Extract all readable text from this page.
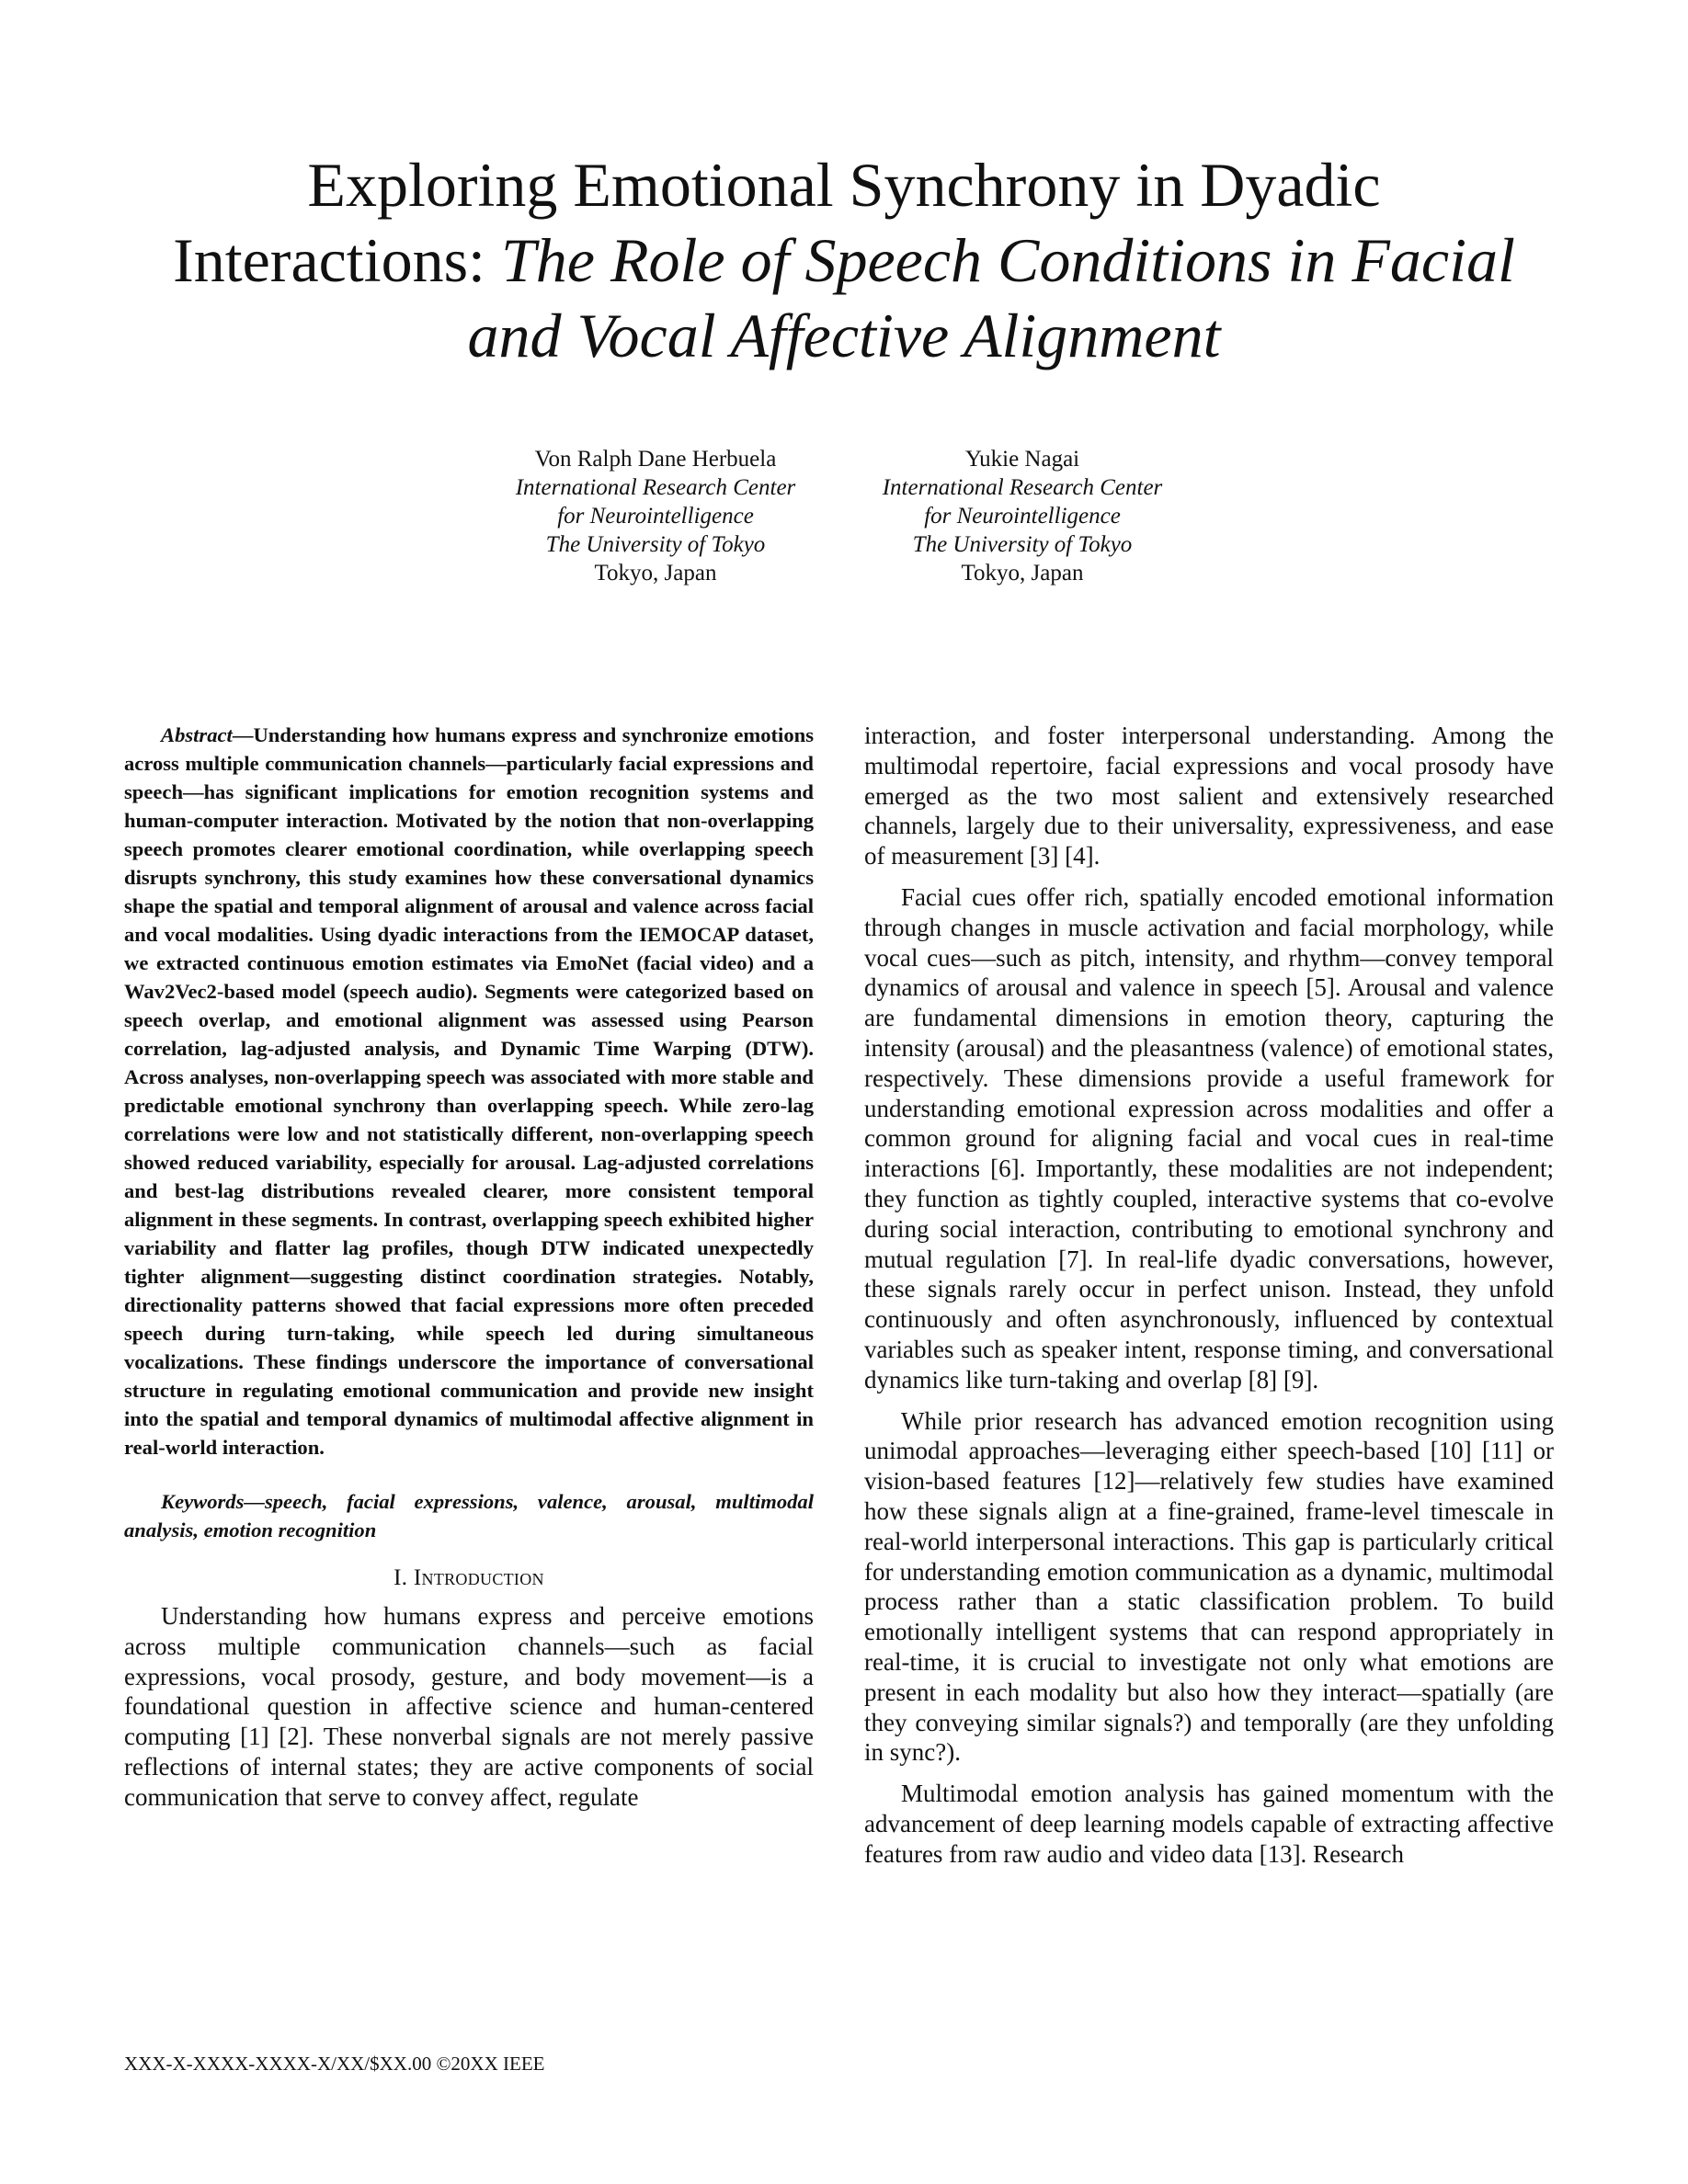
Exploring Emotional Synchrony in Dyadic
Interactions: The Role of Speech Conditions in Facial
and Vocal Affective Alignment
Von Ralph Dane Herbuela
International Research Center
for Neurointelligence
The University of Tokyo
Tokyo, Japan
Yukie Nagai
International Research Center
for Neurointelligence
The University of Tokyo
Tokyo, Japan

Abstract—Understanding how humans express and synchronize emotions across multiple communication channels—particularly facial expressions and speech—has significant implications for emotion recognition systems and human-computer interaction. Motivated by the notion that non-overlapping speech promotes clearer emotional coordination, while overlapping speech disrupts synchrony, this study examines how these conversational dynamics shape the spatial and temporal alignment of arousal and valence across facial and vocal modalities. Using dyadic interactions from the IEMOCAP dataset, we extracted continuous emotion estimates via EmoNet (facial video) and a Wav2Vec2-based model (speech audio). Segments were categorized based on speech overlap, and emotional alignment was assessed using Pearson correlation, lag-adjusted analysis, and Dynamic Time Warping (DTW). Across analyses, non-overlapping speech was associated with more stable and predictable emotional synchrony than overlapping speech. While zero-lag correlations were low and not statistically different, non-overlapping speech showed reduced variability, especially for arousal. Lag-adjusted correlations and best-lag distributions revealed clearer, more consistent temporal alignment in these segments. In contrast, overlapping speech exhibited higher variability and flatter lag profiles, though DTW indicated unexpectedly tighter alignment—suggesting distinct coordination strategies. Notably, directionality patterns showed that facial expressions more often preceded speech during turn-taking, while speech led during simultaneous vocalizations. These findings underscore the importance of conversational structure in regulating emotional communication and provide new insight into the spatial and temporal dynamics of multimodal affective alignment in real-world interaction.

Keywords—speech, facial expressions, valence, arousal, multimodal analysis, emotion recognition

I. Introduction

Understanding how humans express and perceive emotions across multiple communication channels—such as facial expressions, vocal prosody, gesture, and body movement—is a foundational question in affective science and human-centered computing [1] [2]. These nonverbal signals are not merely passive reflections of internal states; they are active components of social communication that serve to convey affect, regulate

interaction, and foster interpersonal understanding. Among the multimodal repertoire, facial expressions and vocal prosody have emerged as the two most salient and extensively researched channels, largely due to their universality, expressiveness, and ease of measurement [3] [4].

Facial cues offer rich, spatially encoded emotional information through changes in muscle activation and facial morphology, while vocal cues—such as pitch, intensity, and rhythm—convey temporal dynamics of arousal and valence in speech [5]. Arousal and valence are fundamental dimensions in emotion theory, capturing the intensity (arousal) and the pleasantness (valence) of emotional states, respectively. These dimensions provide a useful framework for understanding emotional expression across modalities and offer a common ground for aligning facial and vocal cues in real-time interactions [6]. Importantly, these modalities are not independent; they function as tightly coupled, interactive systems that co-evolve during social interaction, contributing to emotional synchrony and mutual regulation [7]. In real-life dyadic conversations, however, these signals rarely occur in perfect unison. Instead, they unfold continuously and often asynchronously, influenced by contextual variables such as speaker intent, response timing, and conversational dynamics like turn-taking and overlap [8] [9].

While prior research has advanced emotion recognition using unimodal approaches—leveraging either speech-based [10] [11] or vision-based features [12]—relatively few studies have examined how these signals align at a fine-grained, frame-level timescale in real-world interpersonal interactions. This gap is particularly critical for understanding emotion communication as a dynamic, multimodal process rather than a static classification problem. To build emotionally intelligent systems that can respond appropriately in real-time, it is crucial to investigate not only what emotions are present in each modality but also how they interact—spatially (are they conveying similar signals?) and temporally (are they unfolding in sync?).

Multimodal emotion analysis has gained momentum with the advancement of deep learning models capable of extracting affective features from raw audio and video data [13]. Research

XXX-X-XXXX-XXXX-X/XX/$XX.00 ©20XX IEEE
